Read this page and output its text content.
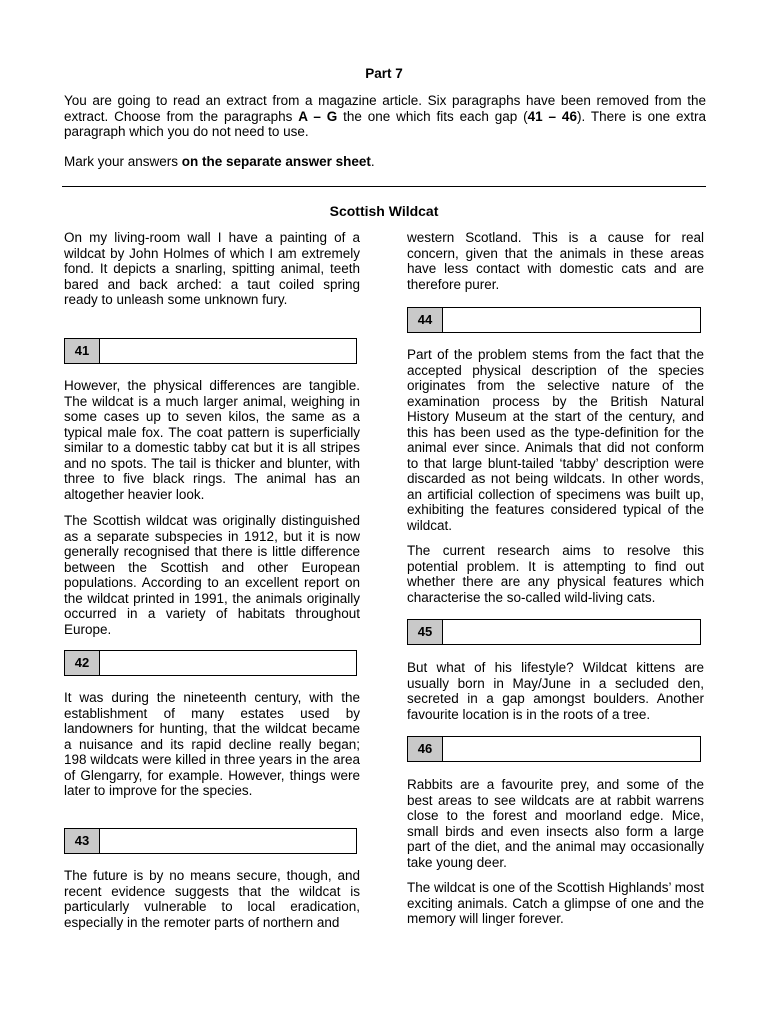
Part 7

You are going to read an extract from a magazine article. Six paragraphs have been removed from the extract. Choose from the paragraphs A – G the one which fits each gap (41 – 46). There is one extra paragraph which you do not need to use.

Mark your answers on the separate answer sheet.
Scottish Wildcat

On my living-room wall I have a painting of a wildcat by John Holmes of which I am extremely fond. It depicts a snarling, spitting animal, teeth bared and back arched: a taut coiled spring ready to unleash some unknown fury.

41

However, the physical differences are tangible. The wildcat is a much larger animal, weighing in some cases up to seven kilos, the same as a typical male fox. The coat pattern is superficially similar to a domestic tabby cat but it is all stripes and no spots. The tail is thicker and blunter, with three to five black rings. The animal has an altogether heavier look.

The Scottish wildcat was originally distinguished as a separate subspecies in 1912, but it is now generally recognised that there is little difference between the Scottish and other European populations. According to an excellent report on the wildcat printed in 1991, the animals originally occurred in a variety of habitats throughout Europe.

42

It was during the nineteenth century, with the establishment of many estates used by landowners for hunting, that the wildcat became a nuisance and its rapid decline really began; 198 wildcats were killed in three years in the area of Glengarry, for example. However, things were later to improve for the species.

43

The future is by no means secure, though, and recent evidence suggests that the wildcat is particularly vulnerable to local eradication, especially in the remoter parts of northern and

western Scotland. This is a cause for real concern, given that the animals in these areas have less contact with domestic cats and are therefore purer.

44

Part of the problem stems from the fact that the accepted physical description of the species originates from the selective nature of the examination process by the British Natural History Museum at the start of the century, and this has been used as the type-definition for the animal ever since. Animals that did not conform to that large blunt-tailed ‘tabby’ description were discarded as not being wildcats. In other words, an artificial collection of specimens was built up, exhibiting the features considered typical of the wildcat.

The current research aims to resolve this potential problem. It is attempting to find out whether there are any physical features which characterise the so-called wild-living cats.

45

But what of his lifestyle? Wildcat kittens are usually born in May/June in a secluded den, secreted in a gap amongst boulders. Another favourite location is in the roots of a tree.

46

Rabbits are a favourite prey, and some of the best areas to see wildcats are at rabbit warrens close to the forest and moorland edge. Mice, small birds and even insects also form a large part of the diet, and the animal may occasionally take young deer.

The wildcat is one of the Scottish Highlands’ most exciting animals. Catch a glimpse of one and the memory will linger forever.
